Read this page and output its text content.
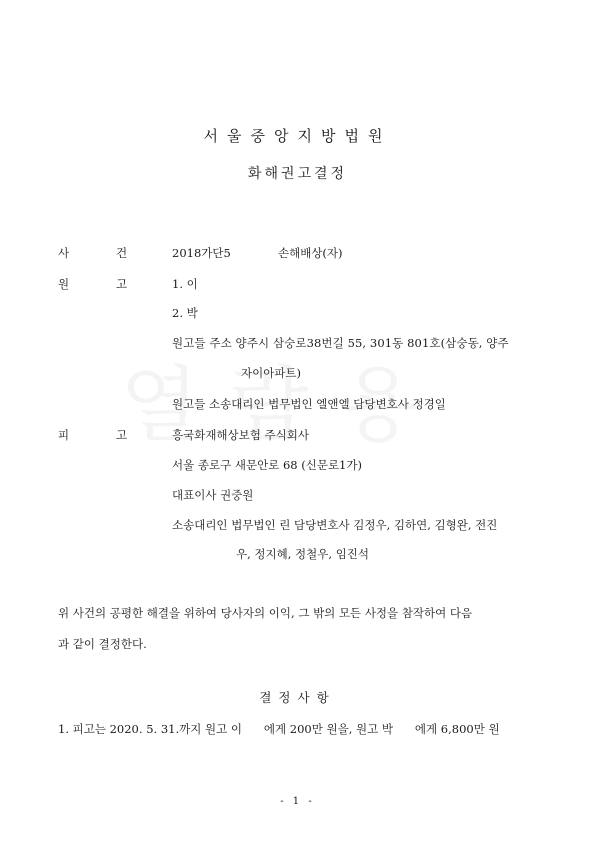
서울중앙지방법원
화해권고결정
사	건	2018가단5	손해배상(자)
원	고	1. 이
2. 박
원고들 주소 양주시 삼숭로38번길 55, 301동 801호(삼숭동, 양주
자이아파트)
원고들 소송대리인 법무법인 엘앤엘 담당변호사 정경일
피	고	흥국화재해상보험 주식회사
서울 종로구 새문안로 68 (신문로1가)
대표이사 권중원
소송대리인 법무법인 린 담당변호사 김정우, 김하연, 김형완, 전진
우, 정지혜, 정철우, 임진석
위 사건의 공평한 해결을 위하여 당사자의 이익, 그 밖의 모든 사정을 참작하여 다음
과 같이 결정한다.
결정사항
1. 피고는 2020. 5. 31.까지 원고 이      에게 200만 원을, 원고 박      에게 6,800만 원
- 1 -
